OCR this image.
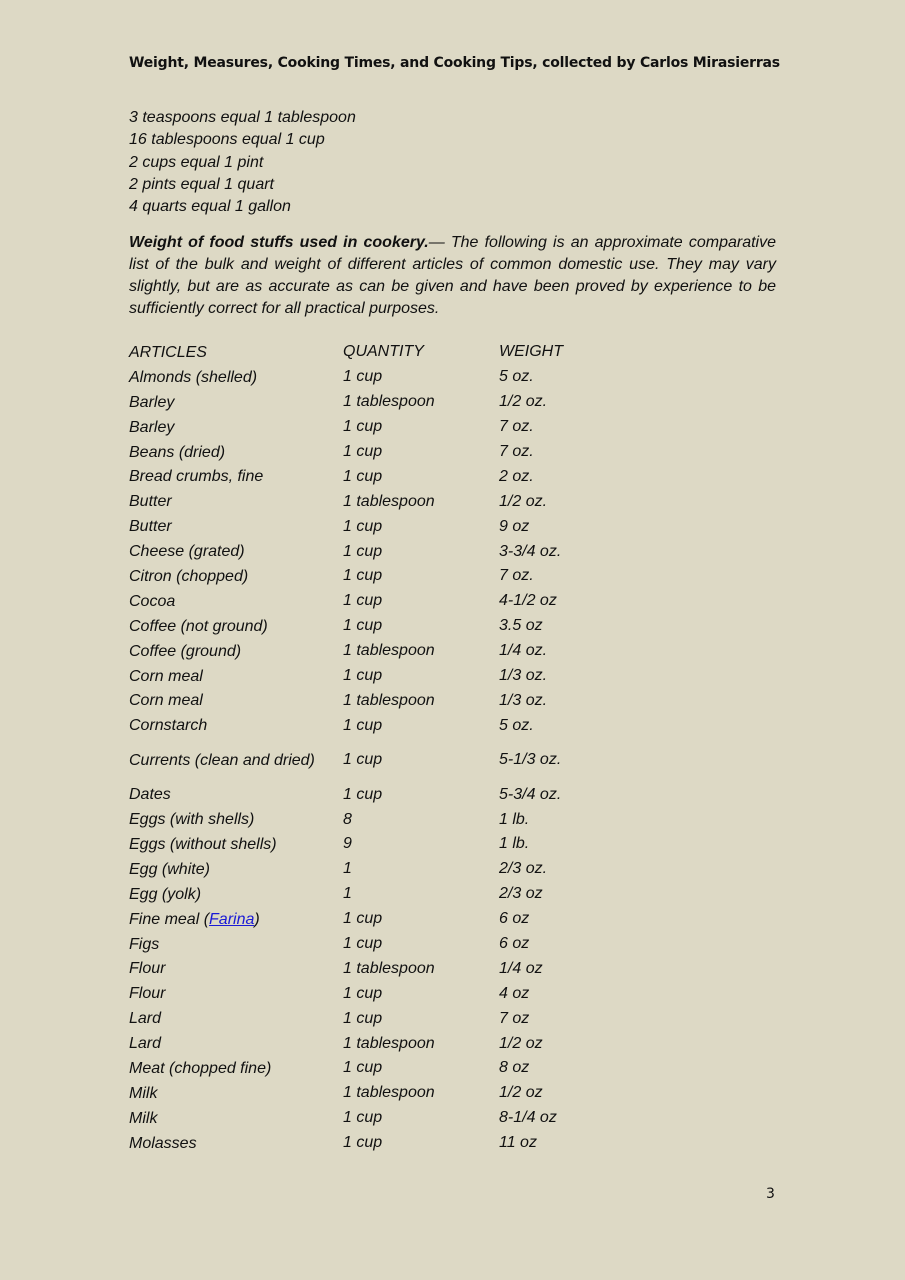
Weight, Measures, Cooking Times, and Cooking Tips, collected by Carlos Mirasierras
3 teaspoons equal 1 tablespoon
16 tablespoons equal 1 cup
2 cups equal 1 pint
2 pints equal 1 quart
4 quarts equal 1 gallon
Weight of food stuffs used in cookery.— The following is an approximate comparative list of the bulk and weight of different articles of common domestic use. They may vary slightly, but are as accurate as can be given and have been proved by experience to be sufficiently correct for all practical purposes.
ARTICLES	QUANTITY	WEIGHT
Almonds (shelled)	1 cup	5 oz.
Barley	1 tablespoon	1/2 oz.
Barley	1 cup	7 oz.
Beans (dried)	1 cup	7 oz.
Bread crumbs, fine	1 cup	2 oz.
Butter	1 tablespoon	1/2 oz.
Butter	1 cup	9 oz
Cheese (grated)	1 cup	3-3/4 oz.
Citron (chopped)	1 cup	7 oz.
Cocoa	1 cup	4-1/2 oz
Coffee (not ground)	1 cup	3.5 oz
Coffee (ground)	1 tablespoon	1/4 oz.
Corn meal	1 cup	1/3 oz.
Corn meal	1 tablespoon	1/3 oz.
Cornstarch	1 cup	5 oz.
Currents (clean and dried)	1 cup	5-1/3 oz.
Dates	1 cup	5-3/4 oz.
Eggs (with shells)	8	1 lb.
Eggs (without shells)	9	1 lb.
Egg (white)	1	2/3 oz.
Egg (yolk)	1	2/3 oz
Fine meal (Farina)	1 cup	6 oz
Figs	1 cup	6 oz
Flour	1 tablespoon	1/4 oz
Flour	1 cup	4 oz
Lard	1 cup	7 oz
Lard	1 tablespoon	1/2 oz
Meat (chopped fine)	1 cup	8 oz
Milk	1 tablespoon	1/2 oz
Milk	1 cup	8-1/4 oz
Molasses	1 cup	11 oz
3
